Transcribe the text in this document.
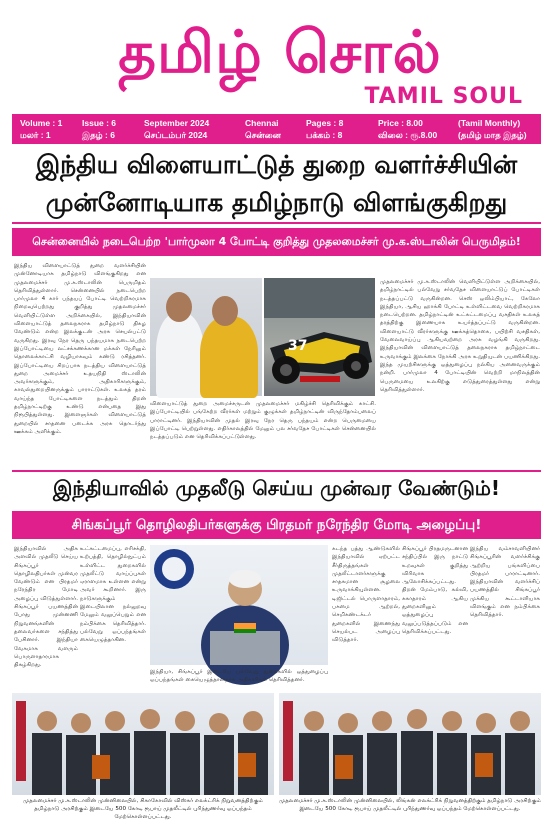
தமிழ் சொல்
TAMIL SOUL
Volume : 1
மலர் : 1
Issue : 6
இதழ் : 6
September 2024
செப்டம்பர் 2024
Chennai
சென்னை
Pages : 8
பக்கம் : 8
Price : 8.00
விலை : ரூ.8.00
(Tamil Monthly)
(தமிழ் மாத இதழ்)
இந்திய விளையாட்டுத் துறை வளர்ச்சியின்
முன்னோடியாக தமிழ்நாடு விளங்குகிறது
சென்னையில் நடைபெற்ற 'பார்முலா 4 போட்டி குறித்து முதலமைச்சர் மு.க.ஸ்டாலின் பெருமிதம்!
இந்திய விளையாட்டுத் துறை வளர்ச்சியின் முன்னோடியாக தமிழ்நாடு விளங்குகிறது என முதலமைச்சர் மு.க.ஸ்டாலின் பெருமிதம் தெரிவித்துள்ளார். சென்னையில் நடைபெற்ற பார்முலா 4 கார் பந்தயப் போட்டி வெற்றிகரமாக நிறைவுபெற்றது குறித்து முதலமைச்சர் வெளியிட்டுள்ள அறிக்கையில், இந்தியாவின் விளையாட்டுத் தலைநகராக தமிழ்நாடு திகழ வேண்டும் என்ற இலக்குடன் அரசு செயல்பட்டு வருகிறது. இரவு நேர தெரு பந்தயமாக நடைபெற்ற இப்போட்டியை லட்சக்கணக்கான மக்கள் நேரிலும் தொலைக்காட்சி வழியாகவும் கண்டு ரசித்தனர். இப்போட்டியை சிறப்பாக நடத்திய விளையாட்டுத் துறை அமைச்சர் உதயநிதி ஸ்டாலின் அவர்களுக்கும், அதிகாரிகளுக்கும், காவல்துறையினருக்கும் பாராட்டுகள். உலகத் தரம் வாய்ந்த போட்டிகளை நடத்தும் திறன் தமிழ்நாட்டிற்கு உண்டு என்பதை இது நிரூபித்துள்ளது. இளைஞர்கள் விளையாட்டுத் துறையில் சாதனை படைக்க அரசு தொடர்ந்து ஊக்கம் அளிக்கும்.
37
முதலமைச்சர் மு.க.ஸ்டாலின் வெளியிட்டுள்ள அறிக்கையில், தமிழ்நாட்டில் பல்வேறு சர்வதேச விளையாட்டுப் போட்டிகள் நடத்தப்பட்டு வருகின்றன. செஸ் ஒலிம்பியாட், கேலோ இந்தியா, ஆசிய ஹாக்கி போட்டி உள்ளிட்டவை வெற்றிகரமாக நடைபெற்றன. தமிழ்நாட்டின் உட்கட்டமைப்பு வசதிகள் உலகத் தரத்திற்கு இணையாக உயர்த்தப்பட்டு வருகின்றன. விளையாட்டு வீரர்களுக்கு ஊக்கத்தொகை, பயிற்சி வசதிகள், வேலைவாய்ப்பு ஆகியவற்றை அரசு வழங்கி வருகிறது. இந்தியாவின் விளையாட்டுத் தலைநகராக தமிழ்நாட்டை உருவாக்கும் இலக்கை நோக்கி அரசு உறுதியுடன் பயணிக்கிறது. இந்த முயற்சிகளுக்கு ஒத்துழைப்பு நல்கிய அனைவருக்கும் நன்றி. பார்முலா 4 போட்டியின் வெற்றி மாநிலத்தின் பெருமையை உலகிற்கு எடுத்துரைத்துள்ளது என்று தெரிவித்துள்ளார்.
விளையாட்டுத் துறை அமைச்சருடன் முதலமைச்சர் மகிழ்ச்சி தெரிவிக்கும் காட்சி. இப்போட்டியில் பங்கேற்ற வீரர்கள் மற்றும் குழுக்கள் தமிழ்நாட்டின் விருந்தோம்பலைப் பாராட்டினர். இந்தியாவின் முதல் இரவு நேர தெரு பந்தயம் என்ற பெருமையை இப்போட்டி பெற்றுள்ளது. எதிர்காலத்தில் மேலும் பல சர்வதேச போட்டிகள் சென்னையில் நடத்தப்படும் என தெரிவிக்கப்பட்டுள்ளது.
இந்தியாவில் முதலீடு செய்ய முன்வர வேண்டும்!
சிங்கப்பூர் தொழிலதிபர்களுக்கு பிரதமர் நரேந்திர மோடி அழைப்பு!
இந்தியாவில் அதிக அளவில் முதலீடு செய்ய சிங்கப்பூர் தொழிலதிபர்கள் முன்வர வேண்டும் என பிரதமர் நரேந்திர மோடி அழைப்பு விடுத்துள்ளார். சிங்கப்பூர் பயணத்தின் போது முன்னணி நிறுவனங்களின் தலைவர்களை சந்தித்து பேசினார். இந்தியா வேகமாக வளரும் பொருளாதாரமாக திகழ்கிறது.
உட்கட்டமைப்பு, எரிசக்தி, உற்பத்தி, தொழில்நுட்பம் உள்ளிட்ட துறைகளில் முதலீட்டு வாய்ப்புகள் ஏராளமாக உள்ளன என்று அவர் கூறினார். இரு நாடுகளுக்கும் இடையிலான நல்லுறவு மேலும் வலுப்பெறும் என நம்பிக்கை தெரிவித்தார். பல்வேறு ஒப்பந்தங்கள் கையெழுத்தாகின.
இந்தியா, சிங்கப்பூர் இடையே பல்வேறு துறைகளில் ஒத்துழைப்பு ஒப்பந்தங்கள் கையெழுத்தானதாக அதிகாரிகள் தெரிவித்தனர்.
கடந்த பத்து ஆண்டுகளில் இந்தியாவில் ஏற்பட்ட சீர்திருத்தங்கள் முதலீட்டாளர்களுக்கு சாதகமான சூழலை உருவாக்கியுள்ளன. டிஜிட்டல் பொருளாதாரம், பசுமை ஆற்றல், செமிகண்டக்டர் துறைகளில் இணைந்து செயல்பட அழைப்பு விடுத்தார்.
சிங்கப்பூர் பிரதமருடனான சந்திப்பில் இரு நாட்டு உறவுகள் குறித்து விரிவாக ஆலோசிக்கப்பட்டது. திறன் மேம்பாடு, கல்வி, சுகாதாரம் ஆகிய துறைகளிலும் ஒத்துழைப்பு வலுப்படுத்தப்படும் என தெரிவிக்கப்பட்டது.
இந்திய வம்சாவளியினர் சிங்கப்பூரின் வளர்ச்சிக்கு ஆற்றிய பங்களிப்பை பிரதமர் பாராட்டினார். இந்தியாவின் வளர்ச்சிப் பயணத்தில் சிங்கப்பூர் முக்கிய கூட்டாளியாக விளங்கும் என நம்பிக்கை தெரிவித்தார்.
முதலமைச்சர் மு.க.ஸ்டாலின் முன்னிலையில், சிகாகோவில் விஸ்கர் எலக்ட்ரிக் நிறுவனத்திற்கும் தமிழ்நாடு அரசிற்கும் இடையே 500 கோடி ரூபாய் முதலீட்டில் புரிந்துணர்வு ஒப்பந்தம் மேற்கொள்ளப்பட்டது.
முதலமைச்சர் மு.க.ஸ்டாலின் முன்னிலையில், லிங்கன் எலக்ட்ரிக் நிறுவனத்திற்கும் தமிழ்நாடு அரசிற்கும் இடையே 500 கோடி ரூபாய் முதலீட்டில் புரிந்துணர்வு ஒப்பந்தம் மேற்கொள்ளப்பட்டது.
